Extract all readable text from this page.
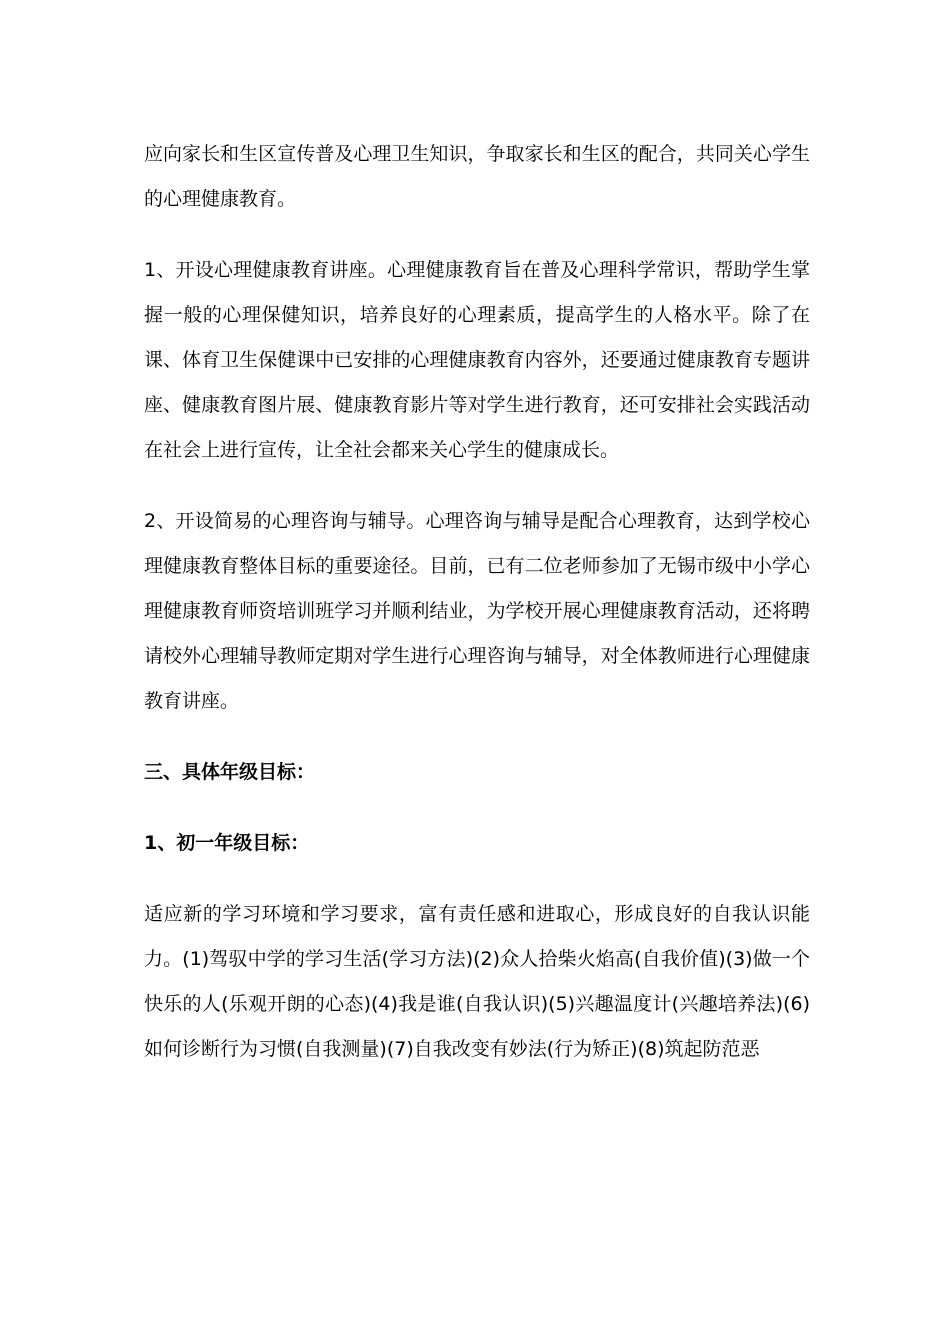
应向家长和生区宣传普及心理卫生知识，争取家长和生区的配合，共同关心学生的心理健康教育。

1、开设心理健康教育讲座。心理健康教育旨在普及心理科学常识，帮助学生掌握一般的心理保健知识，培养良好的心理素质，提高学生的人格水平。除了在课、体育卫生保健课中已安排的心理健康教育内容外，还要通过健康教育专题讲座、健康教育图片展、健康教育影片等对学生进行教育，还可安排社会实践活动在社会上进行宣传，让全社会都来关心学生的健康成长。

2、开设简易的心理咨询与辅导。心理咨询与辅导是配合心理教育，达到学校心理健康教育整体目标的重要途径。目前，已有二位老师参加了无锡市级中小学心理健康教育师资培训班学习并顺利结业，为学校开展心理健康教育活动，还将聘请校外心理辅导教师定期对学生进行心理咨询与辅导，对全体教师进行心理健康教育讲座。

三、具体年级目标：

1、初一年级目标：

适应新的学习环境和学习要求，富有责任感和进取心，形成良好的自我认识能力。(1)驾驭中学的学习生活(学习方法)(2)众人拾柴火焰高(自我价值)(3)做一个快乐的人(乐观开朗的心态)(4)我是谁(自我认识)(5)兴趣温度计(兴趣培养法)(6)如何诊断行为习惯(自我测量)(7)自我改变有妙法(行为矫正)(8)筑起防范恶
